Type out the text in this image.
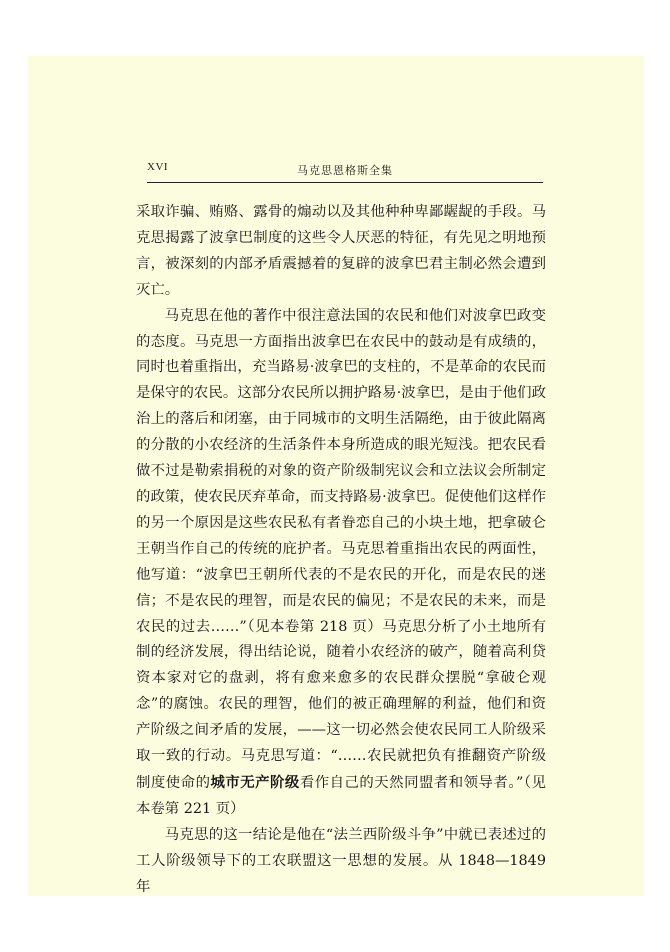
XVI	马克思恩格斯全集

采取诈骗、贿赂、露骨的煽动以及其他种种卑鄙龌龊的手段。马克思揭露了波拿巴制度的这些令人厌恶的特征，有先见之明地预言，被深刻的内部矛盾震撼着的复辟的波拿巴君主制必然会遭到灭亡。

马克思在他的著作中很注意法国的农民和他们对波拿巴政变的态度。马克思一方面指出波拿巴在农民中的鼓动是有成绩的，同时也着重指出，充当路易·波拿巴的支柱的，不是革命的农民而是保守的农民。这部分农民所以拥护路易·波拿巴，是由于他们政治上的落后和闭塞，由于同城市的文明生活隔绝，由于彼此隔离的分散的小农经济的生活条件本身所造成的眼光短浅。把农民看做不过是勒索捐税的对象的资产阶级制宪议会和立法议会所制定的政策，使农民厌弃革命，而支持路易·波拿巴。促使他们这样作的另一个原因是这些农民私有者眷恋自己的小块土地，把拿破仑王朝当作自己的传统的庇护者。马克思着重指出农民的两面性，他写道：“波拿巴王朝所代表的不是农民的开化，而是农民的迷信；不是农民的理智，而是农民的偏见；不是农民的未来，而是农民的过去……”（见本卷第 218 页）马克思分析了小土地所有制的经济发展，得出结论说，随着小农经济的破产，随着高利贷资本家对它的盘剥，将有愈来愈多的农民群众摆脱“拿破仑观念”的腐蚀。农民的理智，他们的被正确理解的利益，他们和资产阶级之间矛盾的发展，——这一切必然会使农民同工人阶级采取一致的行动。马克思写道：“……农民就把负有推翻资产阶级制度使命的城市无产阶级看作自己的天然同盟者和领导者。”（见本卷第 221 页）

马克思的这一结论是他在“法兰西阶级斗争”中就已表述过的工人阶级领导下的工农联盟这一思想的发展。从 1848—1849 年
